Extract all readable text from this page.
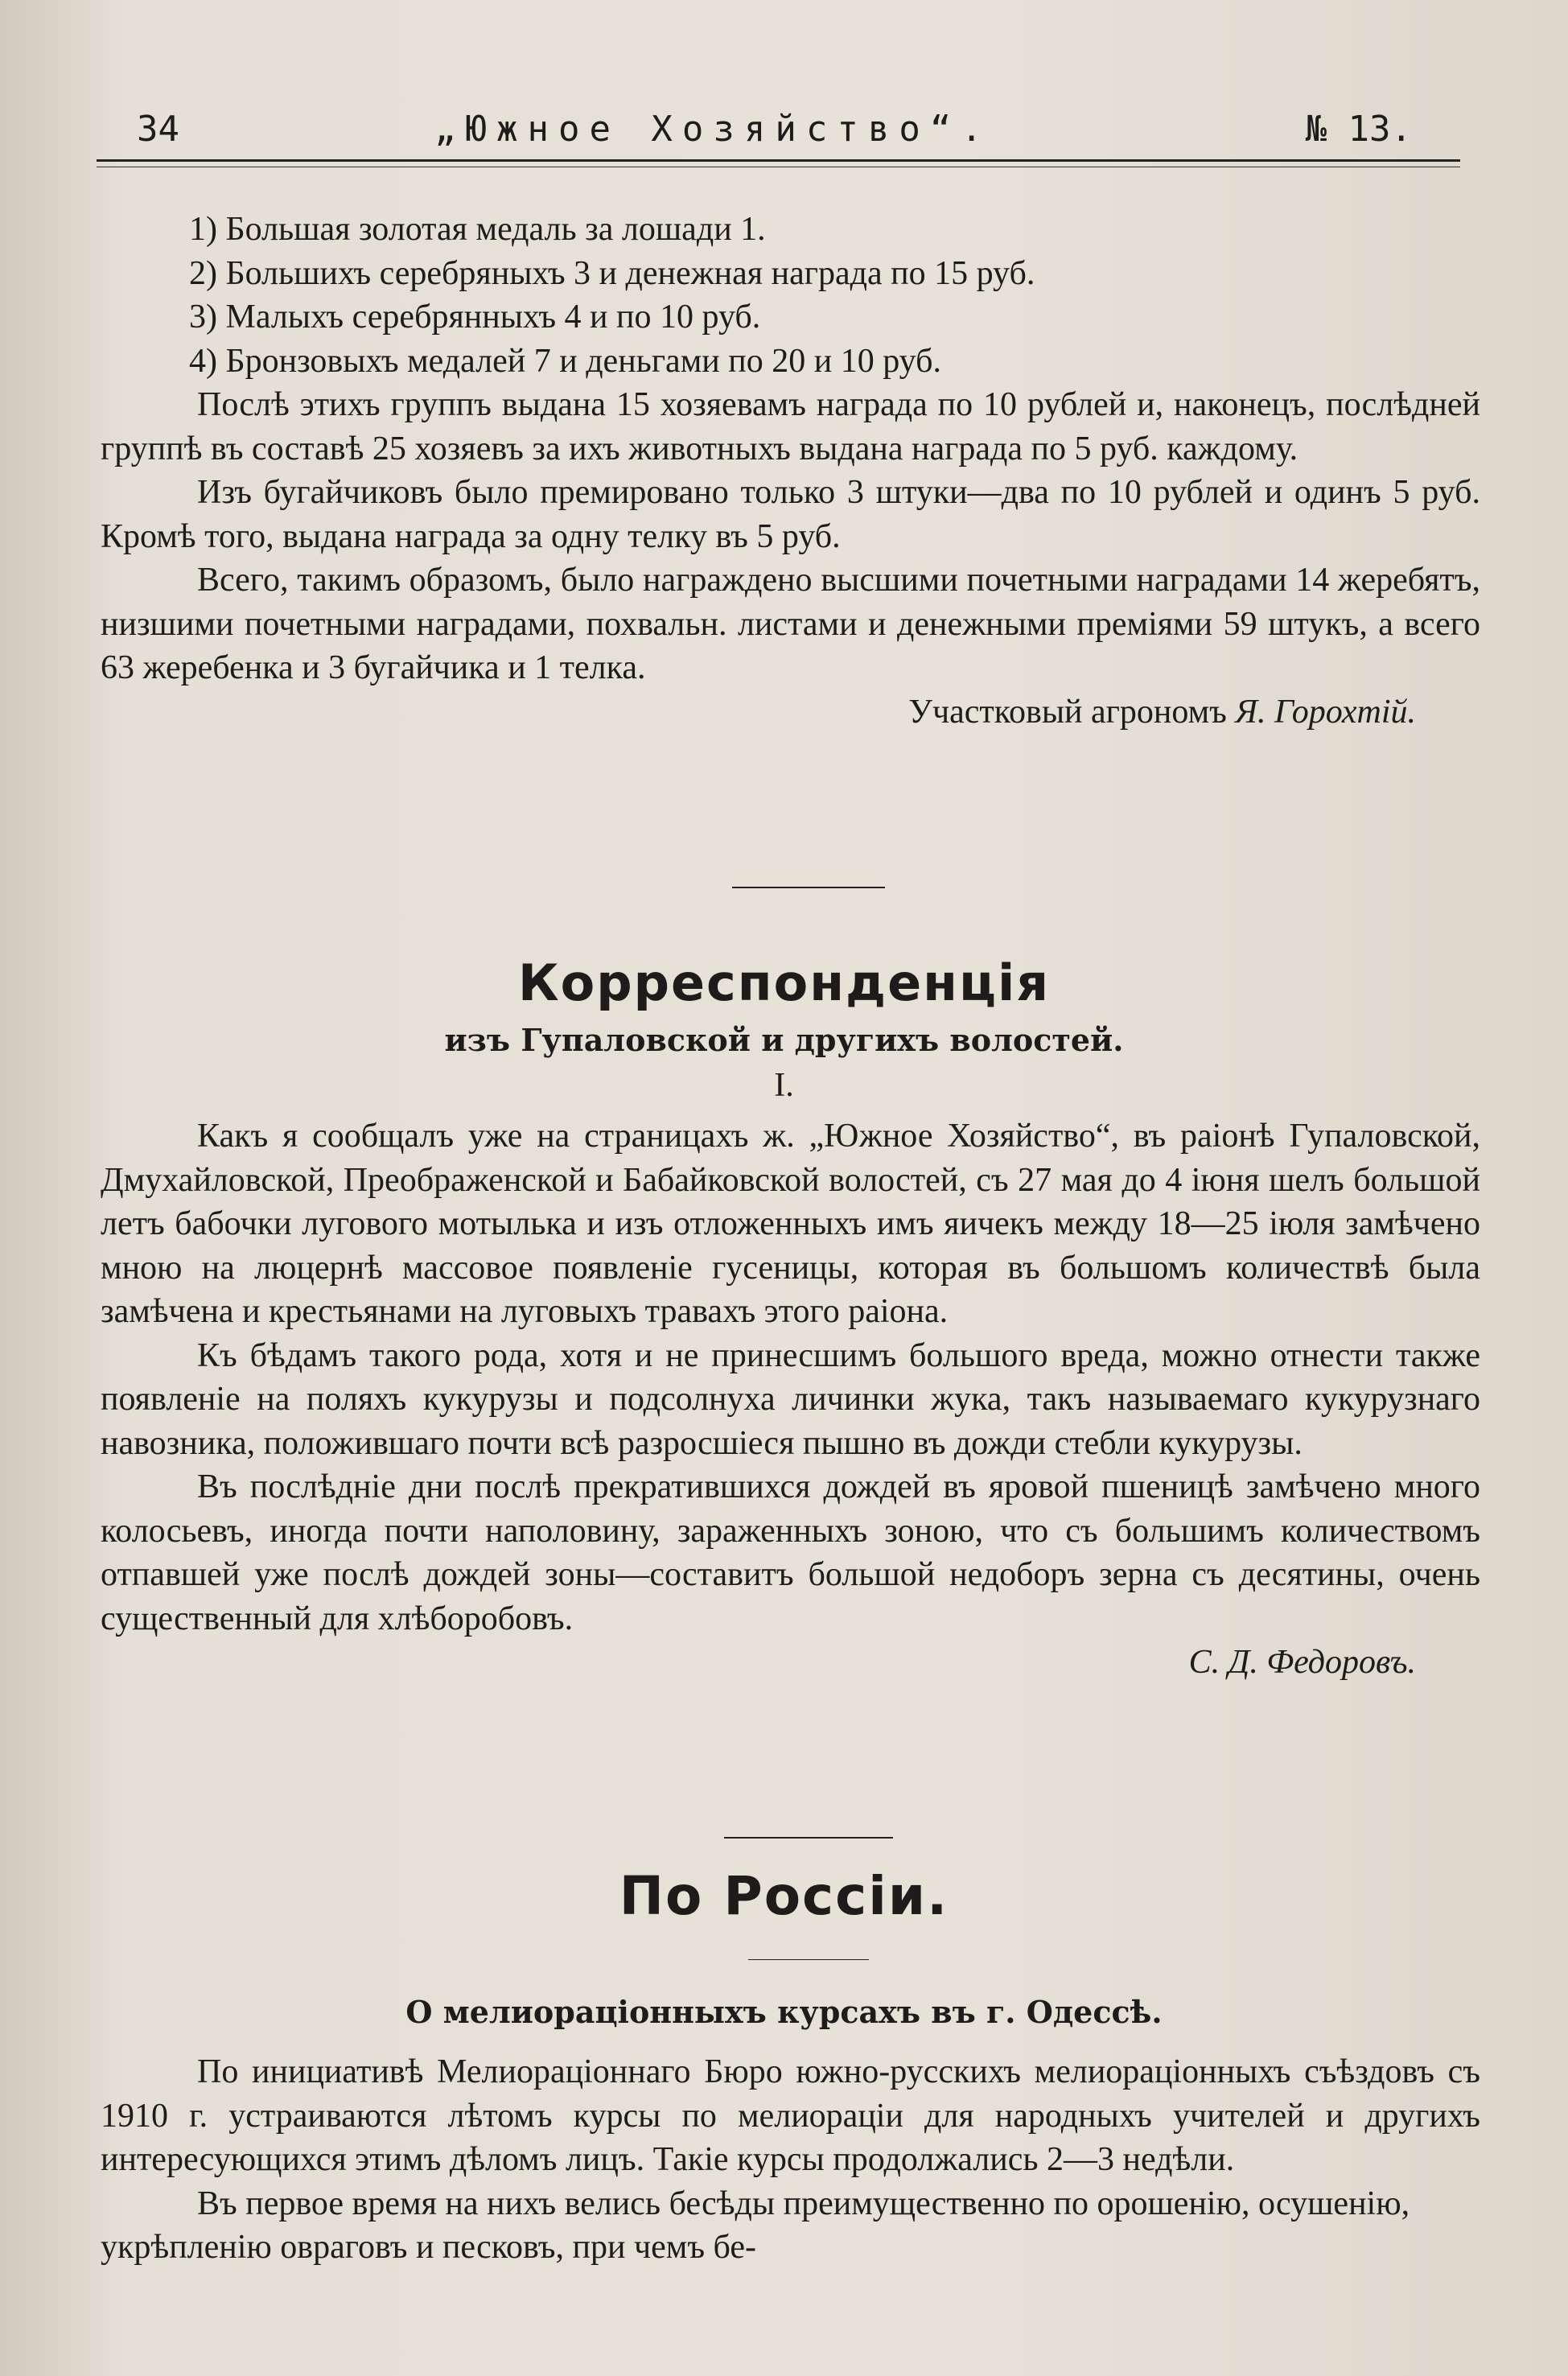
34	„Южное Хозяйство“.	№ 13.

1) Большая золотая медаль за лошади 1.

2) Большихъ серебряныхъ 3 и денежная награда по 15 руб.

3) Малыхъ серебрянныхъ 4 и по 10 руб.

4) Бронзовыхъ медалей 7 и деньгами по 20 и 10 руб.

Послѣ этихъ группъ выдана 15 хозяевамъ награда по 10 рублей и, наконецъ, послѣдней группѣ въ составѣ 25 хозяевъ за ихъ животныхъ выдана награда по 5 руб. каждому.

Изъ бугайчиковъ было премировано только 3 штуки—два по 10 рублей и одинъ 5 руб. Кромѣ того, выдана награда за одну телку въ 5 руб.

Всего, такимъ образомъ, было награждено высшими почетными наградами 14 жеребятъ, низшими почетными наградами, похвальн. листами и денежными преміями 59 штукъ, а всего 63 жеребенка и 3 бугайчика и 1 телка.

Участковый агрономъ Я. Горохтій.

Корреспонденція
изъ Гупаловской и другихъ волостей.
I.

Какъ я сообщалъ уже на страницахъ ж. „Южное Хозяйство“, въ раіонѣ Гупаловской, Дмухайловской, Преображенской и Бабайковской волостей, съ 27 мая до 4 іюня шелъ большой летъ бабочки лугового мотылька и изъ отложенныхъ имъ яичекъ между 18—25 іюля замѣчено мною на люцернѣ массовое появленіе гусеницы, которая въ большомъ количествѣ была замѣчена и крестьянами на луговыхъ травахъ этого раіона.

Къ бѣдамъ такого рода, хотя и не принесшимъ большого вреда, можно отнести также появленіе на поляхъ кукурузы и подсолнуха личинки жука, такъ называемаго кукурузнаго навозника, положившаго почти всѣ разросшіеся пышно въ дожди стебли кукурузы.

Въ послѣдніе дни послѣ прекратившихся дождей въ яровой пшеницѣ замѣчено много колосьевъ, иногда почти наполовину, зараженныхъ зоною, что съ большимъ количествомъ отпавшей уже послѣ дождей зоны—составитъ большой недоборъ зерна съ десятины, очень существенный для хлѣборобовъ.

С. Д. Федоровъ.

По Россіи.
О мелиораціонныхъ курсахъ въ г. Одессѣ.

По инициативѣ Мелиораціоннаго Бюро южно-русскихъ мелиораціонныхъ съѣздовъ съ 1910 г. устраиваются лѣтомъ курсы по мелиораціи для народныхъ учителей и другихъ интересующихся этимъ дѣломъ лицъ. Такіе курсы продолжались 2—3 недѣли.

Въ первое время на нихъ велись бесѣды преимущественно по орошенію, осушенію, укрѣпленію овраговъ и песковъ, при чемъ бе-
